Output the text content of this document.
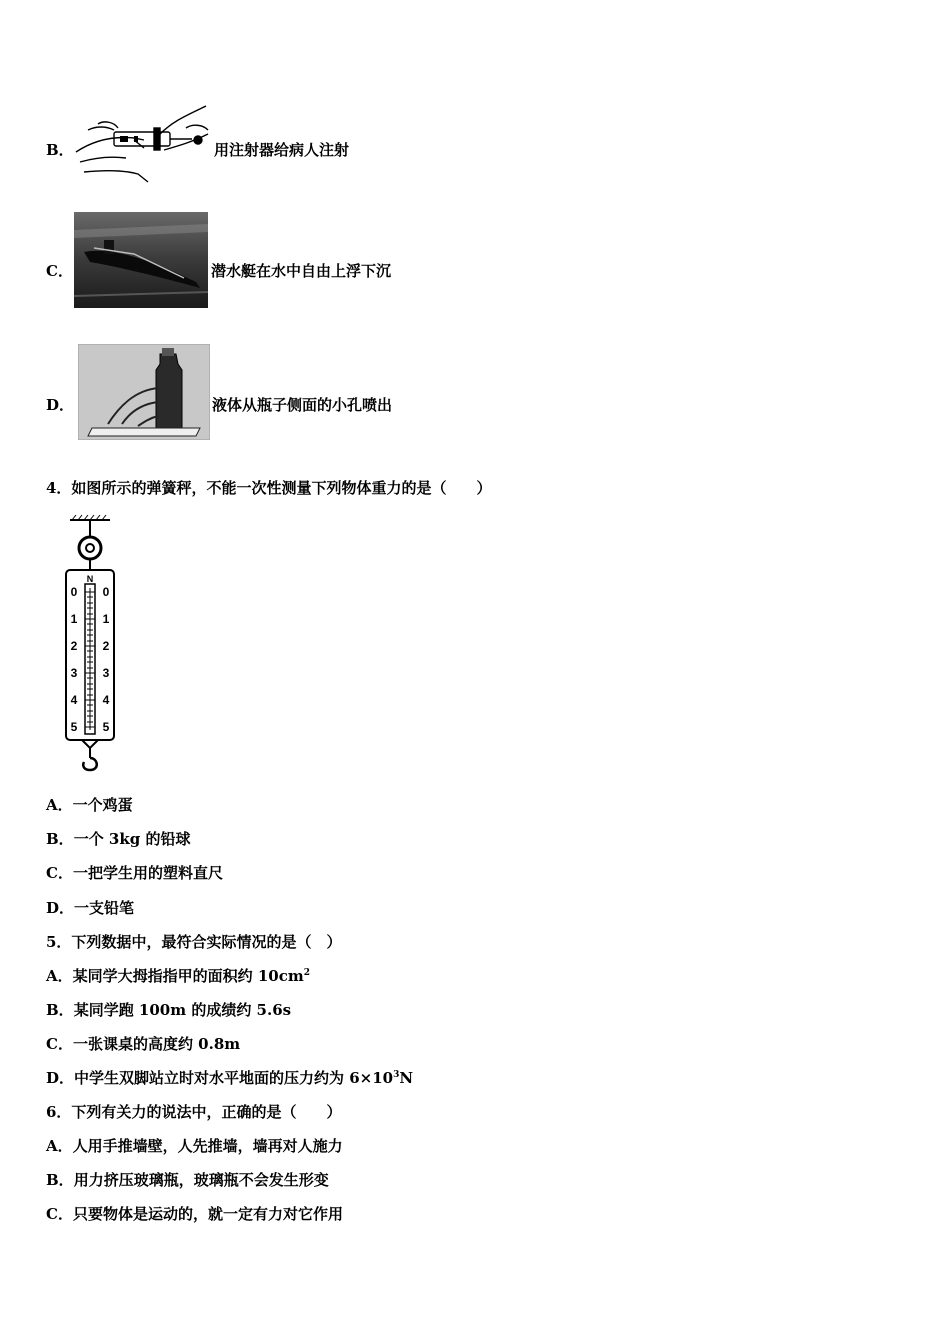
B．	用注射器给病人注射
C．	潜水艇在水中自由上浮下沉
D．	液体从瓶子侧面的小孔喷出
4．如图所示的弹簧秤，不能一次性测量下列物体重力的是（　　）
N
0
1
2
3
4
5
0
1
2
3
4
5
A．一个鸡蛋
B．一个 3kg 的铅球
C．一把学生用的塑料直尺
D．一支铅笔
5．下列数据中，最符合实际情况的是（　）
A．某同学大拇指指甲的面积约 $10cm^2$
B．某同学跑 100m 的成绩约 5.6s
C．一张课桌的高度约 0.8m
D．中学生双脚站立时对水平地面的压力约为 $6\times 10^3N$
6．下列有关力的说法中，正确的是（　　）
A．人用手推墙壁，人先推墙，墙再对人施力
B．用力挤压玻璃瓶，玻璃瓶不会发生形变
C．只要物体是运动的，就一定有力对它作用
